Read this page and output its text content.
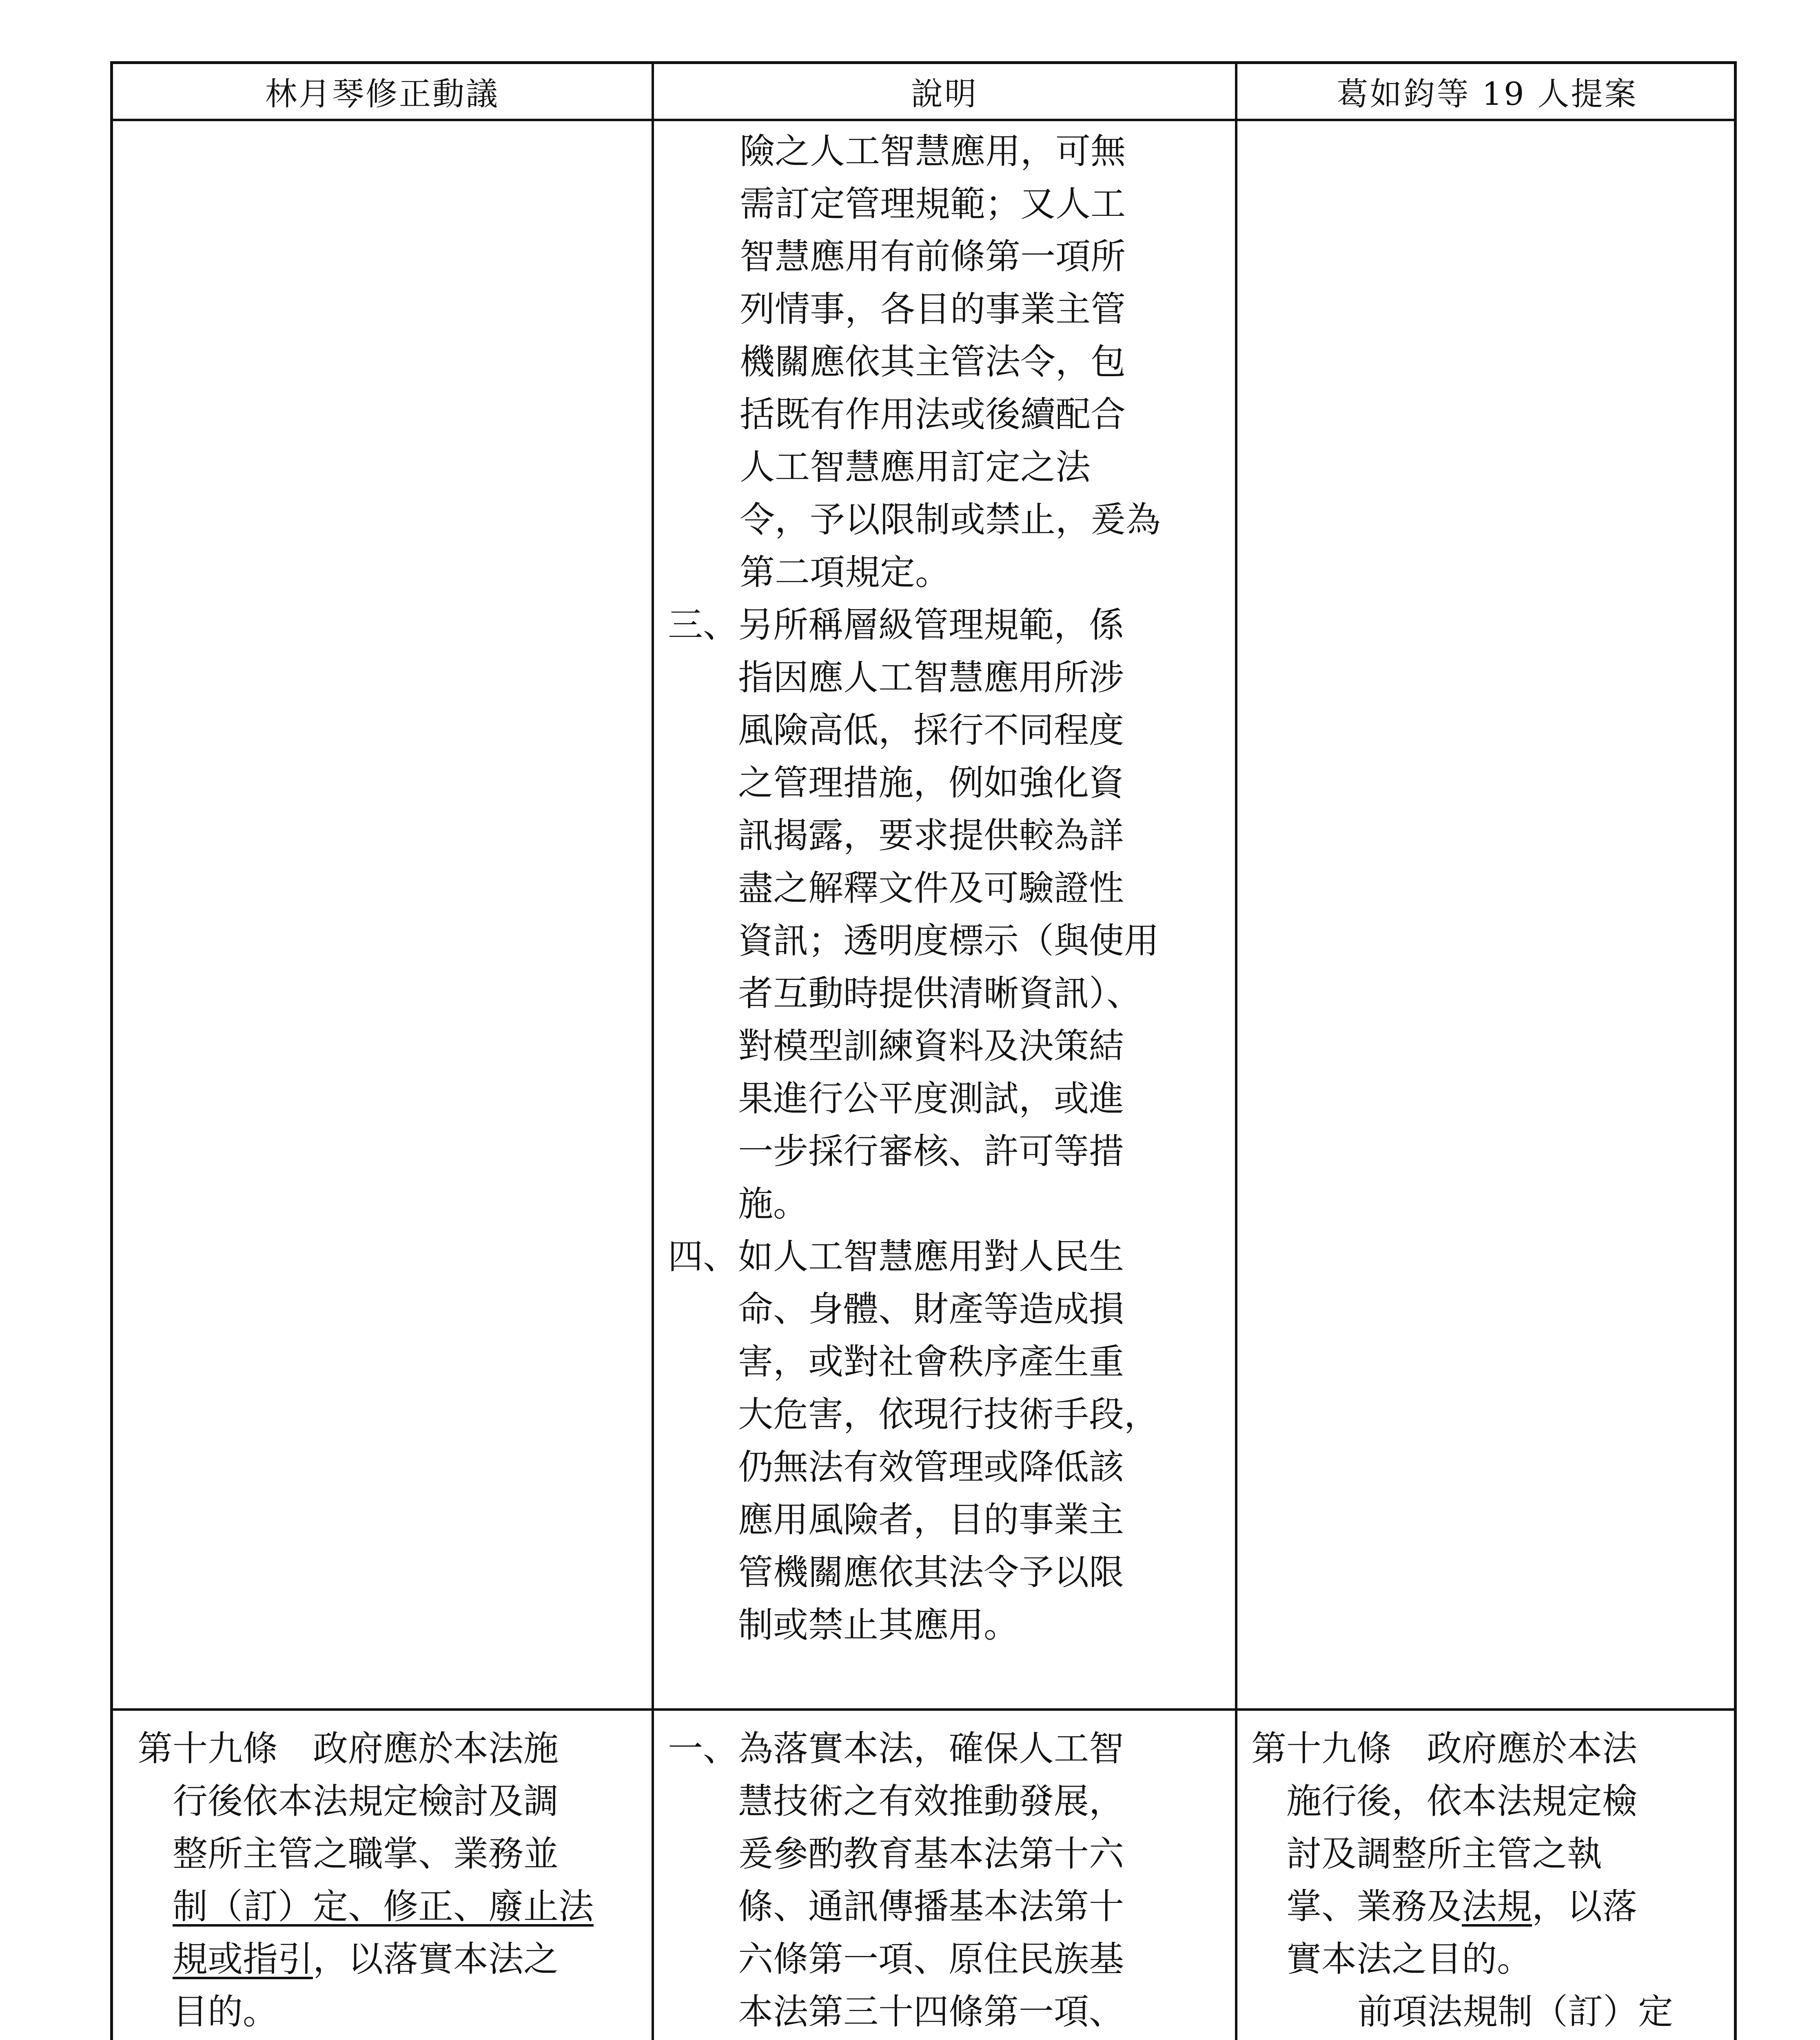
林月琴修正動議	說明	葛如鈞等 19 人提案

險之人工智慧應用，可無

需訂定管理規範；又人工

智慧應用有前條第一項所

列情事，各目的事業主管

機關應依其主管法令，包

括既有作用法或後續配合

人工智慧應用訂定之法

令，予以限制或禁止，爰為

第二項規定。

三、 另所稱層級管理規範，係

指因應人工智慧應用所涉

風險高低，採行不同程度

之管理措施，例如強化資

訊揭露，要求提供較為詳

盡之解釋文件及可驗證性

資訊；透明度標示（與使用

者互動時提供清晰資訊）、

對模型訓練資料及決策結

果進行公平度測試，或進

一步採行審核、許可等措

施。

四、 如人工智慧應用對人民生

命、身體、財產等造成損

害，或對社會秩序產生重

大危害，依現行技術手段，

仍無法有效管理或降低該

應用風險者，目的事業主

管機關應依其法令予以限

制或禁止其應用。

第十九條　政府應於本法施

行後依本法規定檢討及調

整所主管之職掌、業務並

制（訂）定、修正、廢止法

規或指引，以落實本法之

目的。

一、 為落實本法，確保人工智

慧技術之有效推動發展，

爰參酌教育基本法第十六

條、通訊傳播基本法第十

六條第一項、原住民族基

本法第三十四條第一項、

第十九條　政府應於本法

施行後，依本法規定檢

討及調整所主管之執

掌、業務及法規，以落

實本法之目的。

前項法規制（訂）定
